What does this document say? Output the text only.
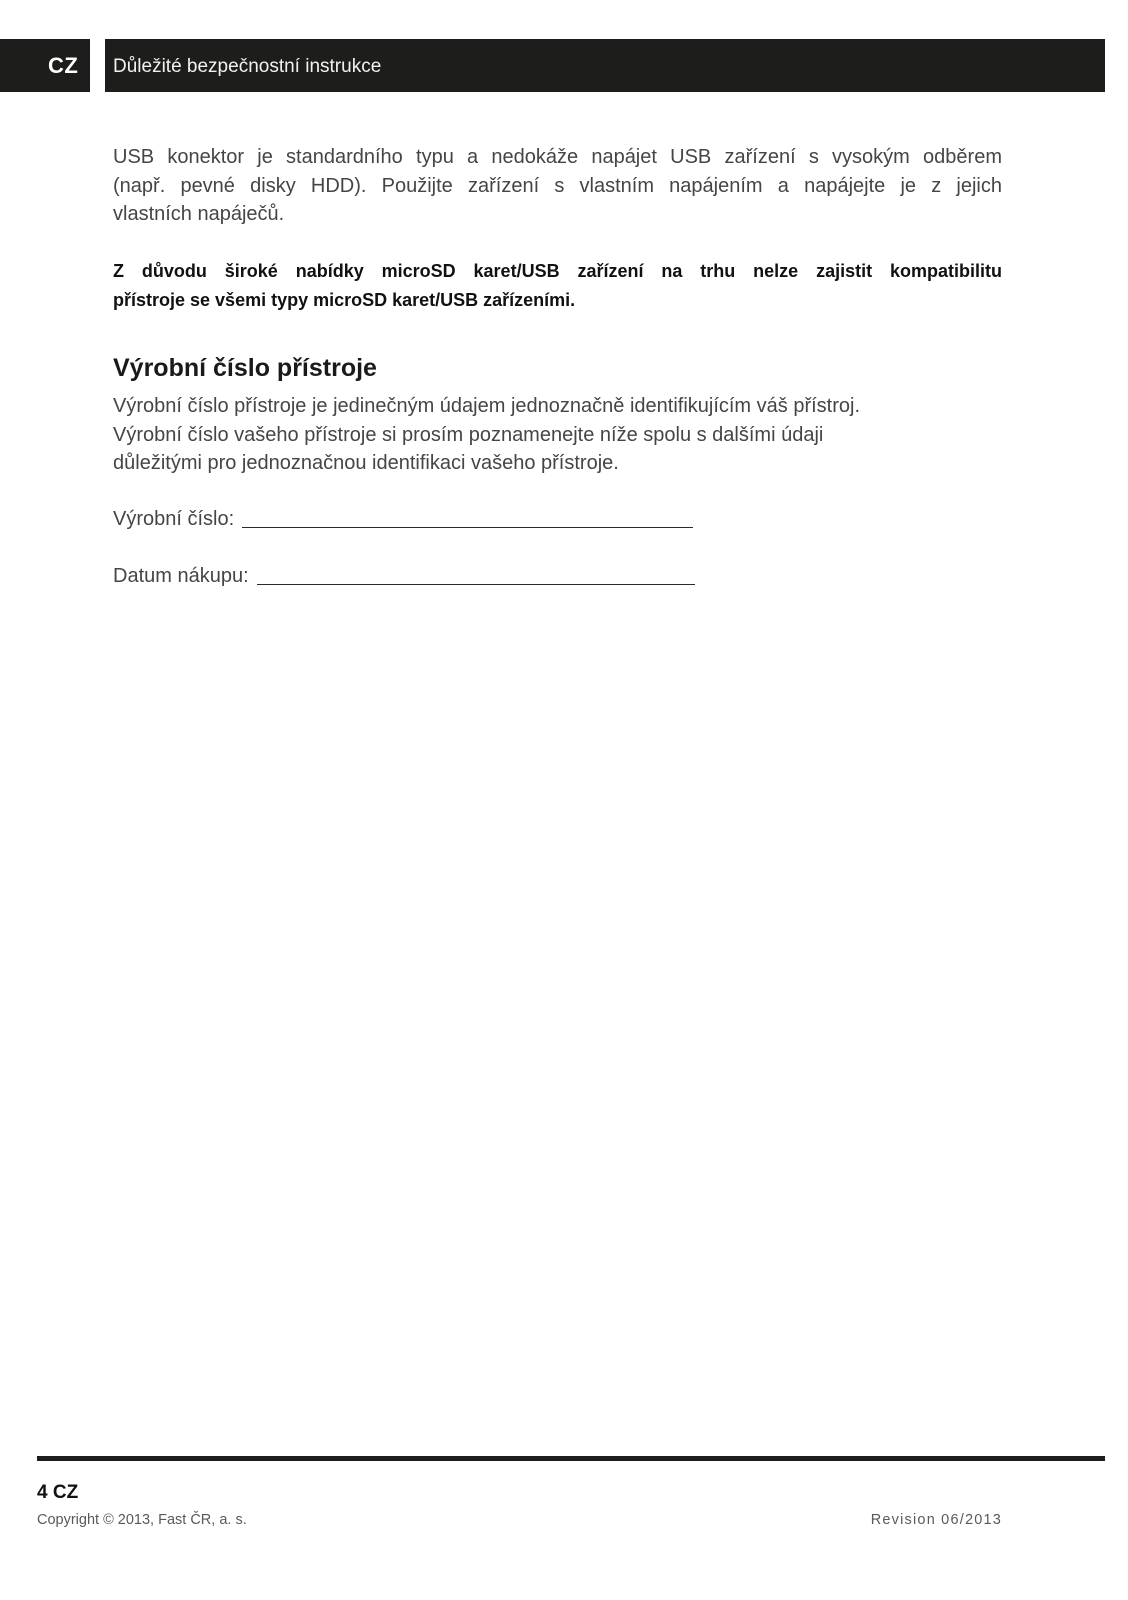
CZ	Důležité bezpečnostní instrukce
USB konektor je standardního typu a nedokáže napájet USB zařízení s vysokým odběrem
(např. pevné disky HDD). Použijte zařízení s vlastním napájením a napájejte je z jejich
vlastních napáječů.
Z důvodu široké nabídky microSD karet/USB zařízení na trhu nelze zajistit kompatibilitu
přístroje se všemi typy microSD karet/USB zařízeními.
Výrobní číslo přístroje
Výrobní číslo přístroje je jedinečným údajem jednoznačně identifikujícím váš přístroj.
Výrobní číslo vašeho přístroje si prosím poznamenejte níže spolu s dalšími údaji
důležitými pro jednoznačnou identifikaci vašeho přístroje.
Výrobní číslo:
Datum nákupu:
4 CZ
Copyright © 2013, Fast ČR, a. s.	Revision 06/2013
